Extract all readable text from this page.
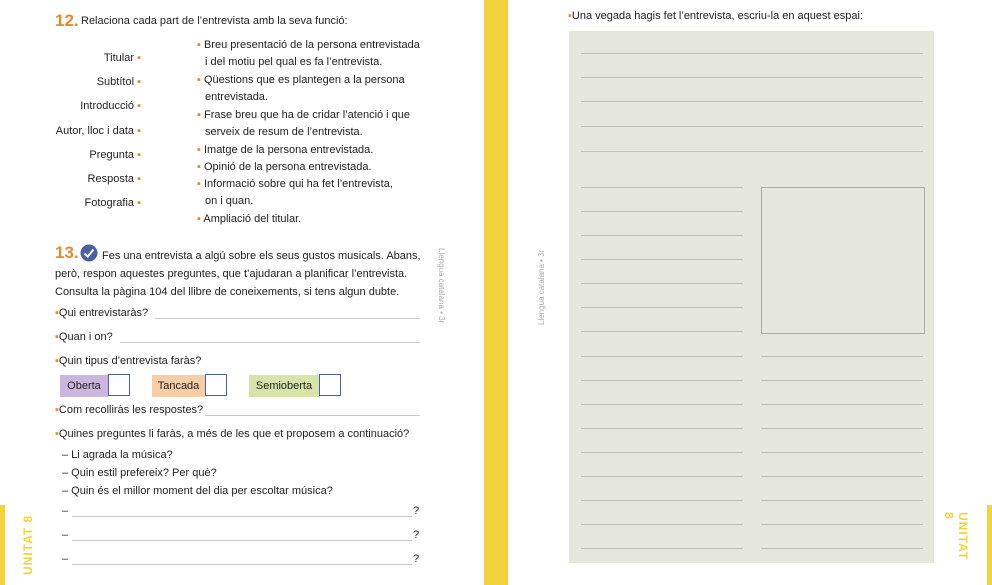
12. Relaciona cada part de l’entrevista amb la seva funció:
Titular ▪
Subtítol ▪
Introducció ▪
Autor, lloc i data ▪
Pregunta ▪
Resposta ▪
Fotografia ▪
▪ Breu presentació de la persona entrevistada
i del motiu pel qual es fa l’entrevista.
▪ Qüestions que es plantegen a la persona
entrevistada.
▪ Frase breu que ha de cridar l’atenció i que
serveix de resum de l’entrevista.
▪ Imatge de la persona entrevistada.
▪ Opinió de la persona entrevistada.
▪ Informació sobre qui ha fet l’entrevista,
on i quan.
▪ Ampliació del titular.
13.	Fes una entrevista a algú sobre els seus gustos musicals. Abans,
però, respon aquestes preguntes, que t’ajudaran a planificar l’entrevista.
Consulta la pàgina 104 del llibre de coneixements, si tens algun dubte.
▪Qui entrevistaràs?
▪Quan i on?
▪Quin tipus d’entrevista faràs?
Oberta	Tancada	Semioberta
▪Com recolliràs les respostes?
▪Quines preguntes li faràs, a més de les que et proposem a continuació?
– Li agrada la música?
– Quin estil prefereix? Per què?
– Quin és el millor moment del dia per escoltar música?
–	?
–	?
–	?
UNITAT 8
Llengua catalana • 3r
▪Una vegada hagis fet l’entrevista, escriu-la en aquest espai:
Llengua catalana • 3r
UNITAT 8
